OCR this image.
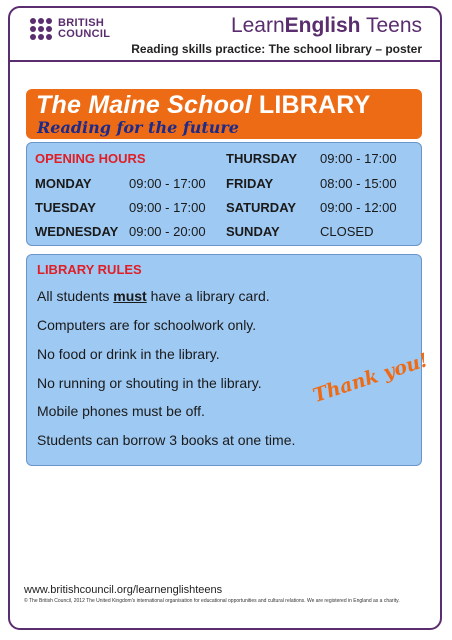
BRITISH
COUNCIL	LearnEnglish Teens
Reading skills practice: The school library – poster
The Maine School LIBRARY
Reading for the future
OPENING HOURS
MONDAY	09:00 - 17:00
TUESDAY	09:00 - 17:00
WEDNESDAY 09:00 - 20:00
THURSDAY 09:00 - 17:00
FRIDAY	08:00 - 15:00
SATURDAY 09:00 - 12:00
SUNDAY	CLOSED
LIBRARY RULES
All students must have a library card.
Computers are for schoolwork only.
No food or drink in the library.
No running or shouting in the library.
Mobile phones must be off.
Students can borrow 3 books at one time.
Thank you!
www.britishcouncil.org/learnenglishteens
© The British Council, 2012 The United Kingdom's international organisation for educational opportunities and cultural relations. We are registered in England as a charity.
